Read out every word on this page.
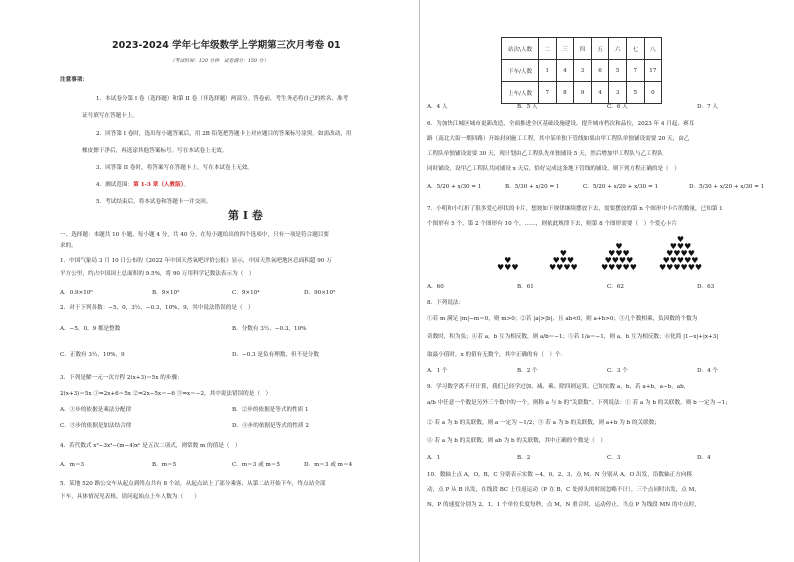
2023-2024 学年七年级数学上学期第三次月考卷 01
（考试时间：120 分钟　试卷满分：150 分）
注意事项：
1．本试卷分第 I 卷（选择题）和第 II 卷（非选择题）两部分。答卷前，考生务必将自己的姓名、准考
证号填写在答题卡上。
2．回答第 I 卷时，选出每小题答案后，用 2B 铅笔把答题卡上对应题目的答案标号涂黑。如需改动，用
橡皮擦干净后，再选涂其他答案标号。写在本试卷上无效。
3．回答第 II 卷时，将答案写在答题卡上。写在本试卷上无效。
4．测试范围：第 1-3 章（人教版）。
5．考试结束后，将本试卷和答题卡一并交回。
第 I 卷
一、选择题：本题共 10 小题，每小题 4 分，共 40 分。在每小题给出的四个选项中，只有一项是符合题目要
求的。
1．中国气象局 3 月 10 日公布的《2022 年中国天然氧吧评价公报》显示，中国天然氧吧地区总面积超 90 万
平方公里，约占中国国土总面积的 9.5%，将 90 万用科学记数法表示为（　）
A．0.9×10⁶	B．9×10⁵	C．9×10⁴	D．90×10³
2．对于下列各数：−5，0，3½，−0.3，10%，9，其中说法错误的是（　）
A．−5，0，9 都是整数	B．分数有 3½，−0.3，10%
C．正数有 3½，10%，9	D．−0.3 是负有理数，但不是分数
3．下列是解一元一次方程 2(x+3)＝5x 的步骤：
2(x+3)＝5x ①⇒2x+6＝5x ②⇒2x−5x＝−6 ③⇒x＝−2，其中说法错误的是（　）
A．①步的依据是乘法分配律	B．②步的依据是等式的性质 1
C．③步的依据是加法结合律	D．④步的依据是等式的性质 2
4．若代数式 x²−3x³−(m−4)xⁿ 是五次二项式，则常数 m 的值是（　）
A．m＝3	B．m＝5	C．m＝3 或 m＝5	D．m＝3 或 m＝4
5．某地 520 路公交车从起点到终点共有 8 个站，从起点站上了部分乘客，从第二站开始下车，终点站全部
下车，具体情况见表格，请问起始点上车人数为（　　）
站次\人数	二	三	四	五	六	七	八
下车/人数	1	4	3	6	5	7	17
上车/人数	7	8	9	4	3	5	0
A．4 人	B．5 人	C．6 人	D．7 人
6．为加快江城区城市更新改造，全面推进全区基础设施建设，提升城市档次和品位，2023 年 4 月起，赛耳
路（南北大街一期回路）开始封闭施工工程，其中某单独下管线如果由甲工程队单独铺设需要 20 天，由乙
工程队单独铺设需要 30 天，现计划由乙工程队先单独铺设 5 天，然后增加甲工程队与乙工程队
同时铺设，设甲乙工程队共同铺设 x 天后，恰好完成这条地下管线的铺设，则下列方程正确的是（　）
A．5/20 + x/30 = 1	B．5/30 + x/20 = 1	C．5/20 + x/20 + x/30 = 1	D．5/30 + x/20 + x/30 = 1
7．小明和小红折了很多爱心形状的卡片，想按如下规律继续摆放下去，需要摆放的第 n 个图形中卡片的数量，已知第 1
个图形有 5 个，第 2 个图形有 10 个，……，则依此规律下去，则第 8 个图形需要（　）个爱心卡片
♥
♥♥♥
♥
♥♥♥
♥♥♥♥
♥
♥♥♥
♥♥♥♥
♥♥♥♥♥
♥
♥♥♥
♥♥♥♥
♥♥♥♥♥
♥♥♥♥♥♥
A．60	B．61	C．62	D．63
8．下列说法：
①若 m 满足 |m|−m＝0，则 m>0；②若 |a|>|b|，且 ab<0，则 a+b>0；③几个数相乘，负因数的个数为
奇数时，积为负；④若 a，b 互为相反数，则 a/b＝−1；⑤若 1/a＝−1，则 a，b 互为相反数；⑥化简 |1−x|+|x+3|
取最小值时，x 的值有无数个，其中正确的有（　）个．
A．1 个	B．2 个	C．3 个	D．4 个
9．学习数学离不开计算，我们已经学过加、减、乘、除四则运算，已知实数 a，b，若 a+b，a−b，ab，
a/b 中任意一个数是另外三个数中的一个，则称 a 与 b 的“关联数”。下列说法：① 若 a 为 b 的关联数，则 b 一定为 −1；
② 若 a 为 b 的关联数，则 a 一定为 −1/2；③ 若 a 为 b 的关联数，则 a+b 为 b 的关联数；
④ 若 a 为 b 的关联数，则 ab 为 b 的关联数，其中正确的个数是（　）
A．1	B．2	C．3	D．4
10．数轴上点 A，O，B，C 分别表示实数 −4，0，2，3，点 M，N 分别从 A，O 出发，沿数轴正方向移
动，点 P 从 B 出发，在线段 BC 上往返运动（P 在 B，C 处掉头的时间忽略不计），三个点同时出发，点 M，
N，P 的速度分别为 2，1，1 个单位长度每秒，点 M，N 重合时，运动停止，当点 P 为线段 MN 的中点时，
